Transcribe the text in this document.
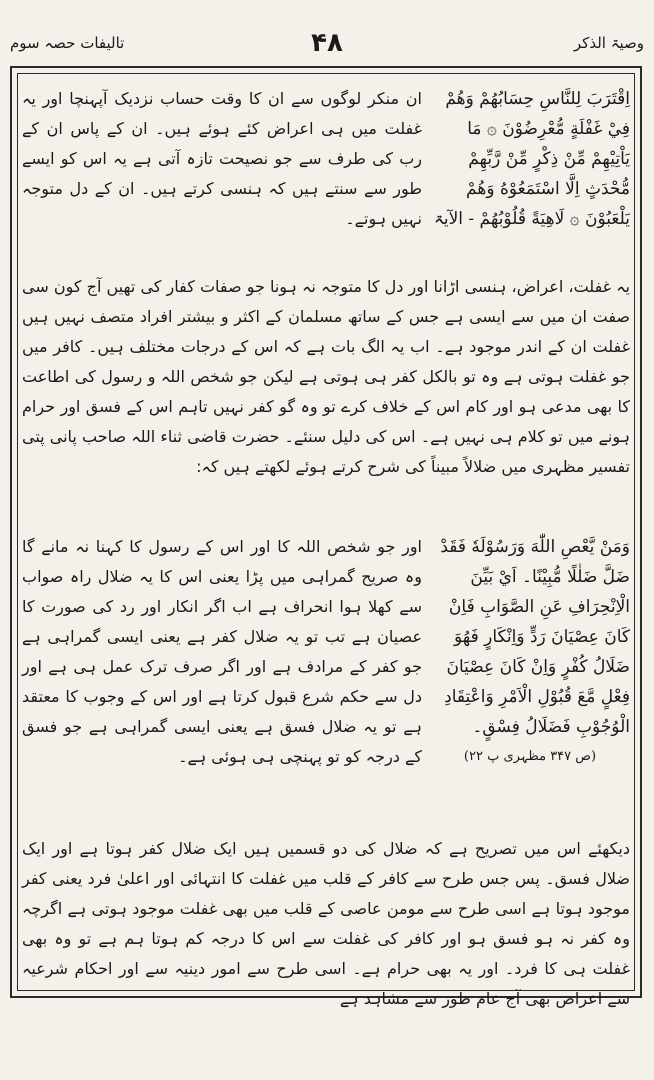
وصيۃ الذکر
۴۸
تالیفات حصہ سوم
اِقْتَرَبَ لِلنَّاسِ حِسَابُهُمْ وَهُمْ فِيْ غَفْلَةٍ مُّعْرِضُوْنَ ۞ مَا يَاْتِيْهِمْ مِّنْ ذِكْرٍ مِّنْ رَّبِّهِمْ مُّحْدَثٍ اِلَّا اسْتَمَعُوْهُ وَهُمْ يَلْعَبُوْنَ ۞ لَاهِيَةً قُلُوْبُهُمْ - الآیۃ
ان منکر لوگوں سے ان کا وقت حساب نزدیک آپہنچا اور یہ غفلت میں ہی اعراض کئے ہوئے ہیں۔ ان کے پاس ان کے رب کی طرف سے جو نصیحت تازہ آتی ہے یہ اس کو ایسے طور سے سنتے ہیں کہ ہنسی کرتے ہیں۔ ان کے دل متوجہ نہیں ہوتے۔
یہ غفلت، اعراض، ہنسی اڑانا اور دل کا متوجہ نہ ہونا جو صفات کفار کی تھیں آج کون سی صفت ان میں سے ایسی ہے جس کے ساتھ مسلمان کے اکثر و بیشتر افراد متصف نہیں ہیں غفلت ان کے اندر موجود ہے۔ اب یہ الگ بات ہے کہ اس کے درجات مختلف ہیں۔ کافر میں جو غفلت ہوتی ہے وہ تو بالکل کفر ہی ہوتی ہے لیکن جو شخص اللہ و رسول کی اطاعت کا بھی مدعی ہو اور کام اس کے خلاف کرے تو وہ گو کفر نہیں تاہم اس کے فسق اور حرام ہونے میں تو کلام ہی نہیں ہے۔ اس کی دلیل سنئے۔ حضرت قاضی ثناء اللہ صاحب پانی پتی تفسیر مظہری میں ضلالاً مبیناً کی شرح کرتے ہوئے لکھتے ہیں کہ:
وَمَنْ يَّعْصِ اللّٰهَ وَرَسُوْلَهٗ فَقَدْ ضَلَّ ضَلٰلًا مُّبِيْنًا۔ اَيْ بَيِّنَ الْاِنْحِرَافِ عَنِ الصَّوَابِ فَاِنْ كَانَ عِصْيَانَ رَدٍّ وَاِنْكَارٍ فَهُوَ ضَلَالُ كُفْرٍ وَاِنْ كَانَ عِصْيَانَ فِعْلٍ مَّعَ قُبُوْلِ الْاَمْرِ وَاعْتِقَادِ الْوُجُوْبِ فَضَلَالُ فِسْقٍ۔
(ص ۳۴۷ مظہری پ ۲۲)
اور جو شخص اللہ کا اور اس کے رسول کا کہنا نہ مانے گا وہ صریح گمراہی میں پڑا یعنی اس کا یہ ضلال راہ صواب سے کھلا ہوا انحراف ہے اب اگر انکار اور رد کی صورت کا عصیان ہے تب تو یہ ضلال کفر ہے یعنی ایسی گمراہی ہے جو کفر کے مرادف ہے اور اگر صرف ترک عمل ہی ہے اور دل سے حکم شرع قبول کرتا ہے اور اس کے وجوب کا معتقد ہے تو یہ ضلال فسق ہے یعنی ایسی گمراہی ہے جو فسق کے درجہ کو تو پہنچی ہی ہوئی ہے۔
دیکھئے اس میں تصریح ہے کہ ضلال کی دو قسمیں ہیں ایک ضلال کفر ہوتا ہے اور ایک ضلال فسق۔ پس جس طرح سے کافر کے قلب میں غفلت کا انتہائی اور اعلیٰ فرد یعنی کفر موجود ہوتا ہے اسی طرح سے مومن عاصی کے قلب میں بھی غفلت موجود ہوتی ہے اگرچہ وہ کفر نہ ہو فسق ہو اور کافر کی غفلت سے اس کا درجہ کم ہوتا ہم ہے تو وہ بھی غفلت ہی کا فرد۔ اور یہ بھی حرام ہے۔ اسی طرح سے امور دینیہ سے اور احکام شرعیہ سے اعراض بھی آج عام طور سے مشاہد ہے
